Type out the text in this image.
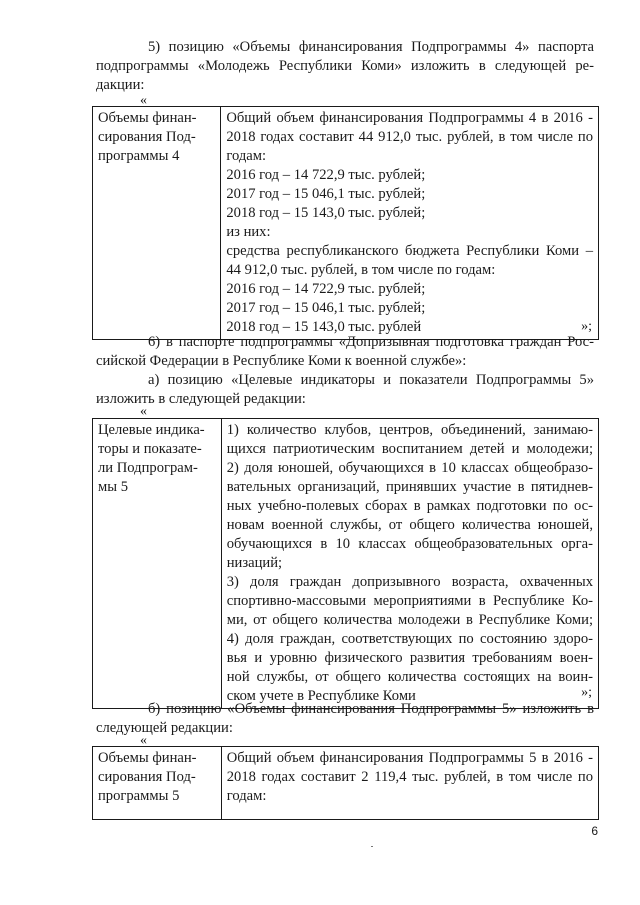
5) позицию «Объемы финансирования Подпрограммы 4» паспорта
подпрограммы «Молодежь Республики Коми» изложить в следующей ре-
дакции:
«
Объемы финан-
сирования Под-
программы 4

Общий объем финансирования Подпрограммы 4 в 2016 -
2018 годах составит 44 912,0 тыс. рублей, в том числе по
годам:
2016 год – 14 722,9 тыс. рублей;
2017 год – 15 046,1 тыс. рублей;
2018 год – 15 143,0 тыс. рублей;
из них:
средства республиканского бюджета Республики Коми –
44 912,0 тыс. рублей, в том числе по годам:
2016 год – 14 722,9 тыс. рублей;
2017 год – 15 046,1 тыс. рублей;
2018 год – 15 143,0 тыс. рублей	»;
6) в паспорте подпрограммы «Допризывная подготовка граждан Рос-
сийской Федерации в Республике Коми к военной службе»:
а) позицию «Целевые индикаторы и показатели Подпрограммы 5»
изложить в следующей редакции:
«
Целевые индика-
торы и показате-
ли Подпрограм-
мы 5

1) количество клубов, центров, объединений, занимаю-
щихся патриотическим воспитанием детей и молодежи;
2) доля юношей, обучающихся в 10 классах общеобразо-
вательных организаций, принявших участие в пятиднев-
ных учебно-полевых сборах в рамках подготовки по ос-
новам военной службы, от общего количества юношей,
обучающихся в 10 классах общеобразовательных орга-
низаций;
3) доля граждан допризывного возраста, охваченных
спортивно-массовыми мероприятиями в Республике Ко-
ми, от общего количества молодежи в Республике Коми;
4) доля граждан, соответствующих по состоянию здоро-
вья и уровню физического развития требованиям воен-
ной службы, от общего количества состоящих на воин-
ском учете в Республике Коми	»;
б) позицию «Объемы финансирования Подпрограммы 5» изложить в
следующей редакции:
«
Объемы финан-
сирования Под-
программы 5

Общий объем финансирования Подпрограммы 5 в 2016 -
2018 годах составит 2 119,4 тыс. рублей, в том числе по
годам:
6
